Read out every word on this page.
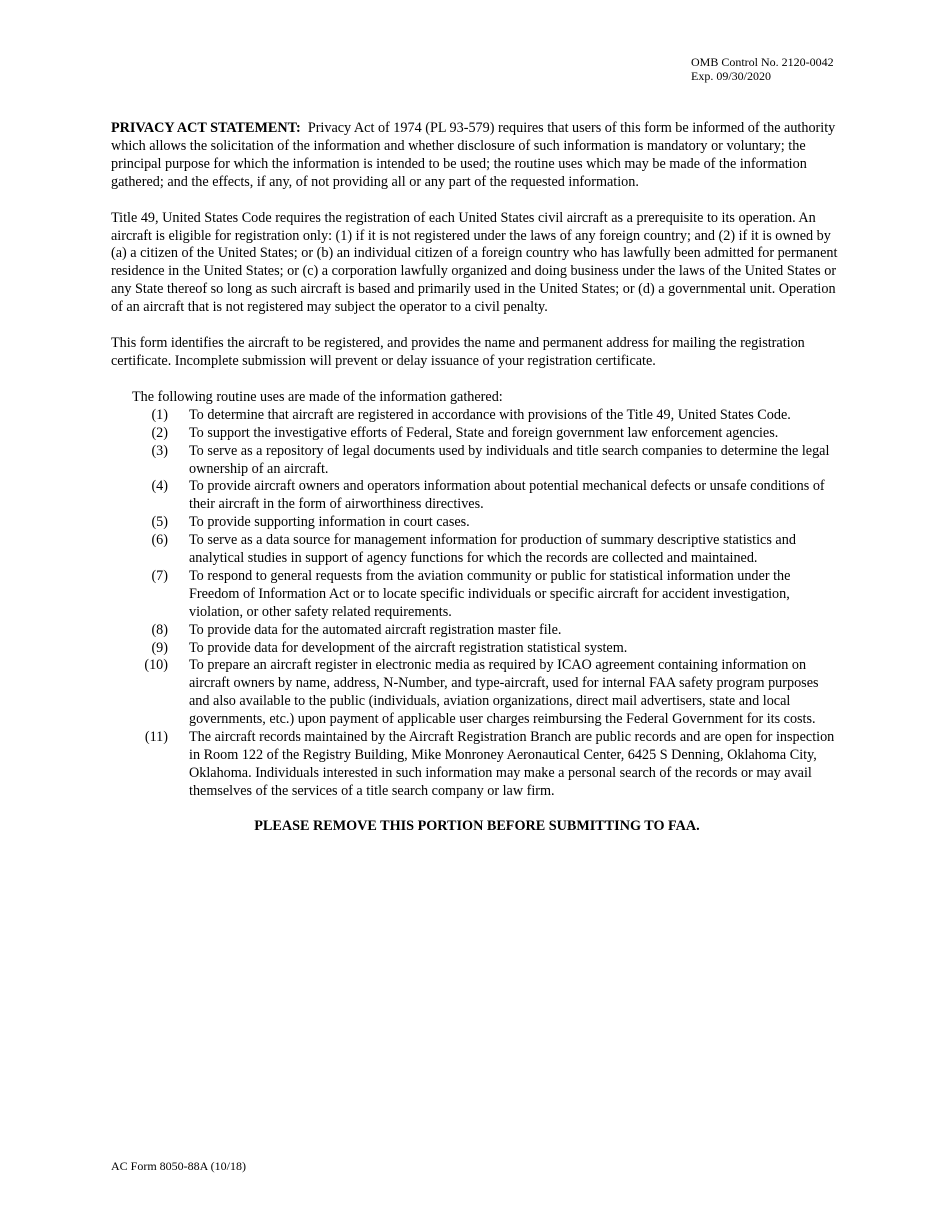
OMB Control No. 2120-0042
Exp. 09/30/2020

PRIVACY ACT STATEMENT: Privacy Act of 1974 (PL 93-579) requires that users of this form be informed of the authority which allows the solicitation of the information and whether disclosure of such information is mandatory or voluntary; the principal purpose for which the information is intended to be used; the routine uses which may be made of the information gathered; and the effects, if any, of not providing all or any part of the requested information.

Title 49, United States Code requires the registration of each United States civil aircraft as a prerequisite to its operation. An aircraft is eligible for registration only: (1) if it is not registered under the laws of any foreign country; and (2) if it is owned by (a) a citizen of the United States; or (b) an individual citizen of a foreign country who has lawfully been admitted for permanent residence in the United States; or (c) a corporation lawfully organized and doing business under the laws of the United States or any State thereof so long as such aircraft is based and primarily used in the United States; or (d) a governmental unit. Operation of an aircraft that is not registered may subject the operator to a civil penalty.

This form identifies the aircraft to be registered, and provides the name and permanent address for mailing the registration certificate. Incomplete submission will prevent or delay issuance of your registration certificate.

The following routine uses are made of the information gathered:
(1)	To determine that aircraft are registered in accordance with provisions of the Title 49, United States Code.
(2)	To support the investigative efforts of Federal, State and foreign government law enforcement agencies.
(3)	To serve as a repository of legal documents used by individuals and title search companies to determine the legal ownership of an aircraft.
(4)	To provide aircraft owners and operators information about potential mechanical defects or unsafe conditions of their aircraft in the form of airworthiness directives.
(5)	To provide supporting information in court cases.
(6)	To serve as a data source for management information for production of summary descriptive statistics and analytical studies in support of agency functions for which the records are collected and maintained.
(7)	To respond to general requests from the aviation community or public for statistical information under the Freedom of Information Act or to locate specific individuals or specific aircraft for accident investigation, violation, or other safety related requirements.
(8)	To provide data for the automated aircraft registration master file.
(9)	To provide data for development of the aircraft registration statistical system.
(10)	To prepare an aircraft register in electronic media as required by ICAO agreement containing information on aircraft owners by name, address, N-Number, and type-aircraft, used for internal FAA safety program purposes and also available to the public (individuals, aviation organizations, direct mail advertisers, state and local governments, etc.) upon payment of applicable user charges reimbursing the Federal Government for its costs.
(11)	The aircraft records maintained by the Aircraft Registration Branch are public records and are open for inspection in Room 122 of the Registry Building, Mike Monroney Aeronautical Center, 6425 S Denning, Oklahoma City, Oklahoma. Individuals interested in such information may make a personal search of the records or may avail themselves of the services of a title search company or law firm.
PLEASE REMOVE THIS PORTION BEFORE SUBMITTING TO FAA.
AC Form 8050-88A (10/18)
